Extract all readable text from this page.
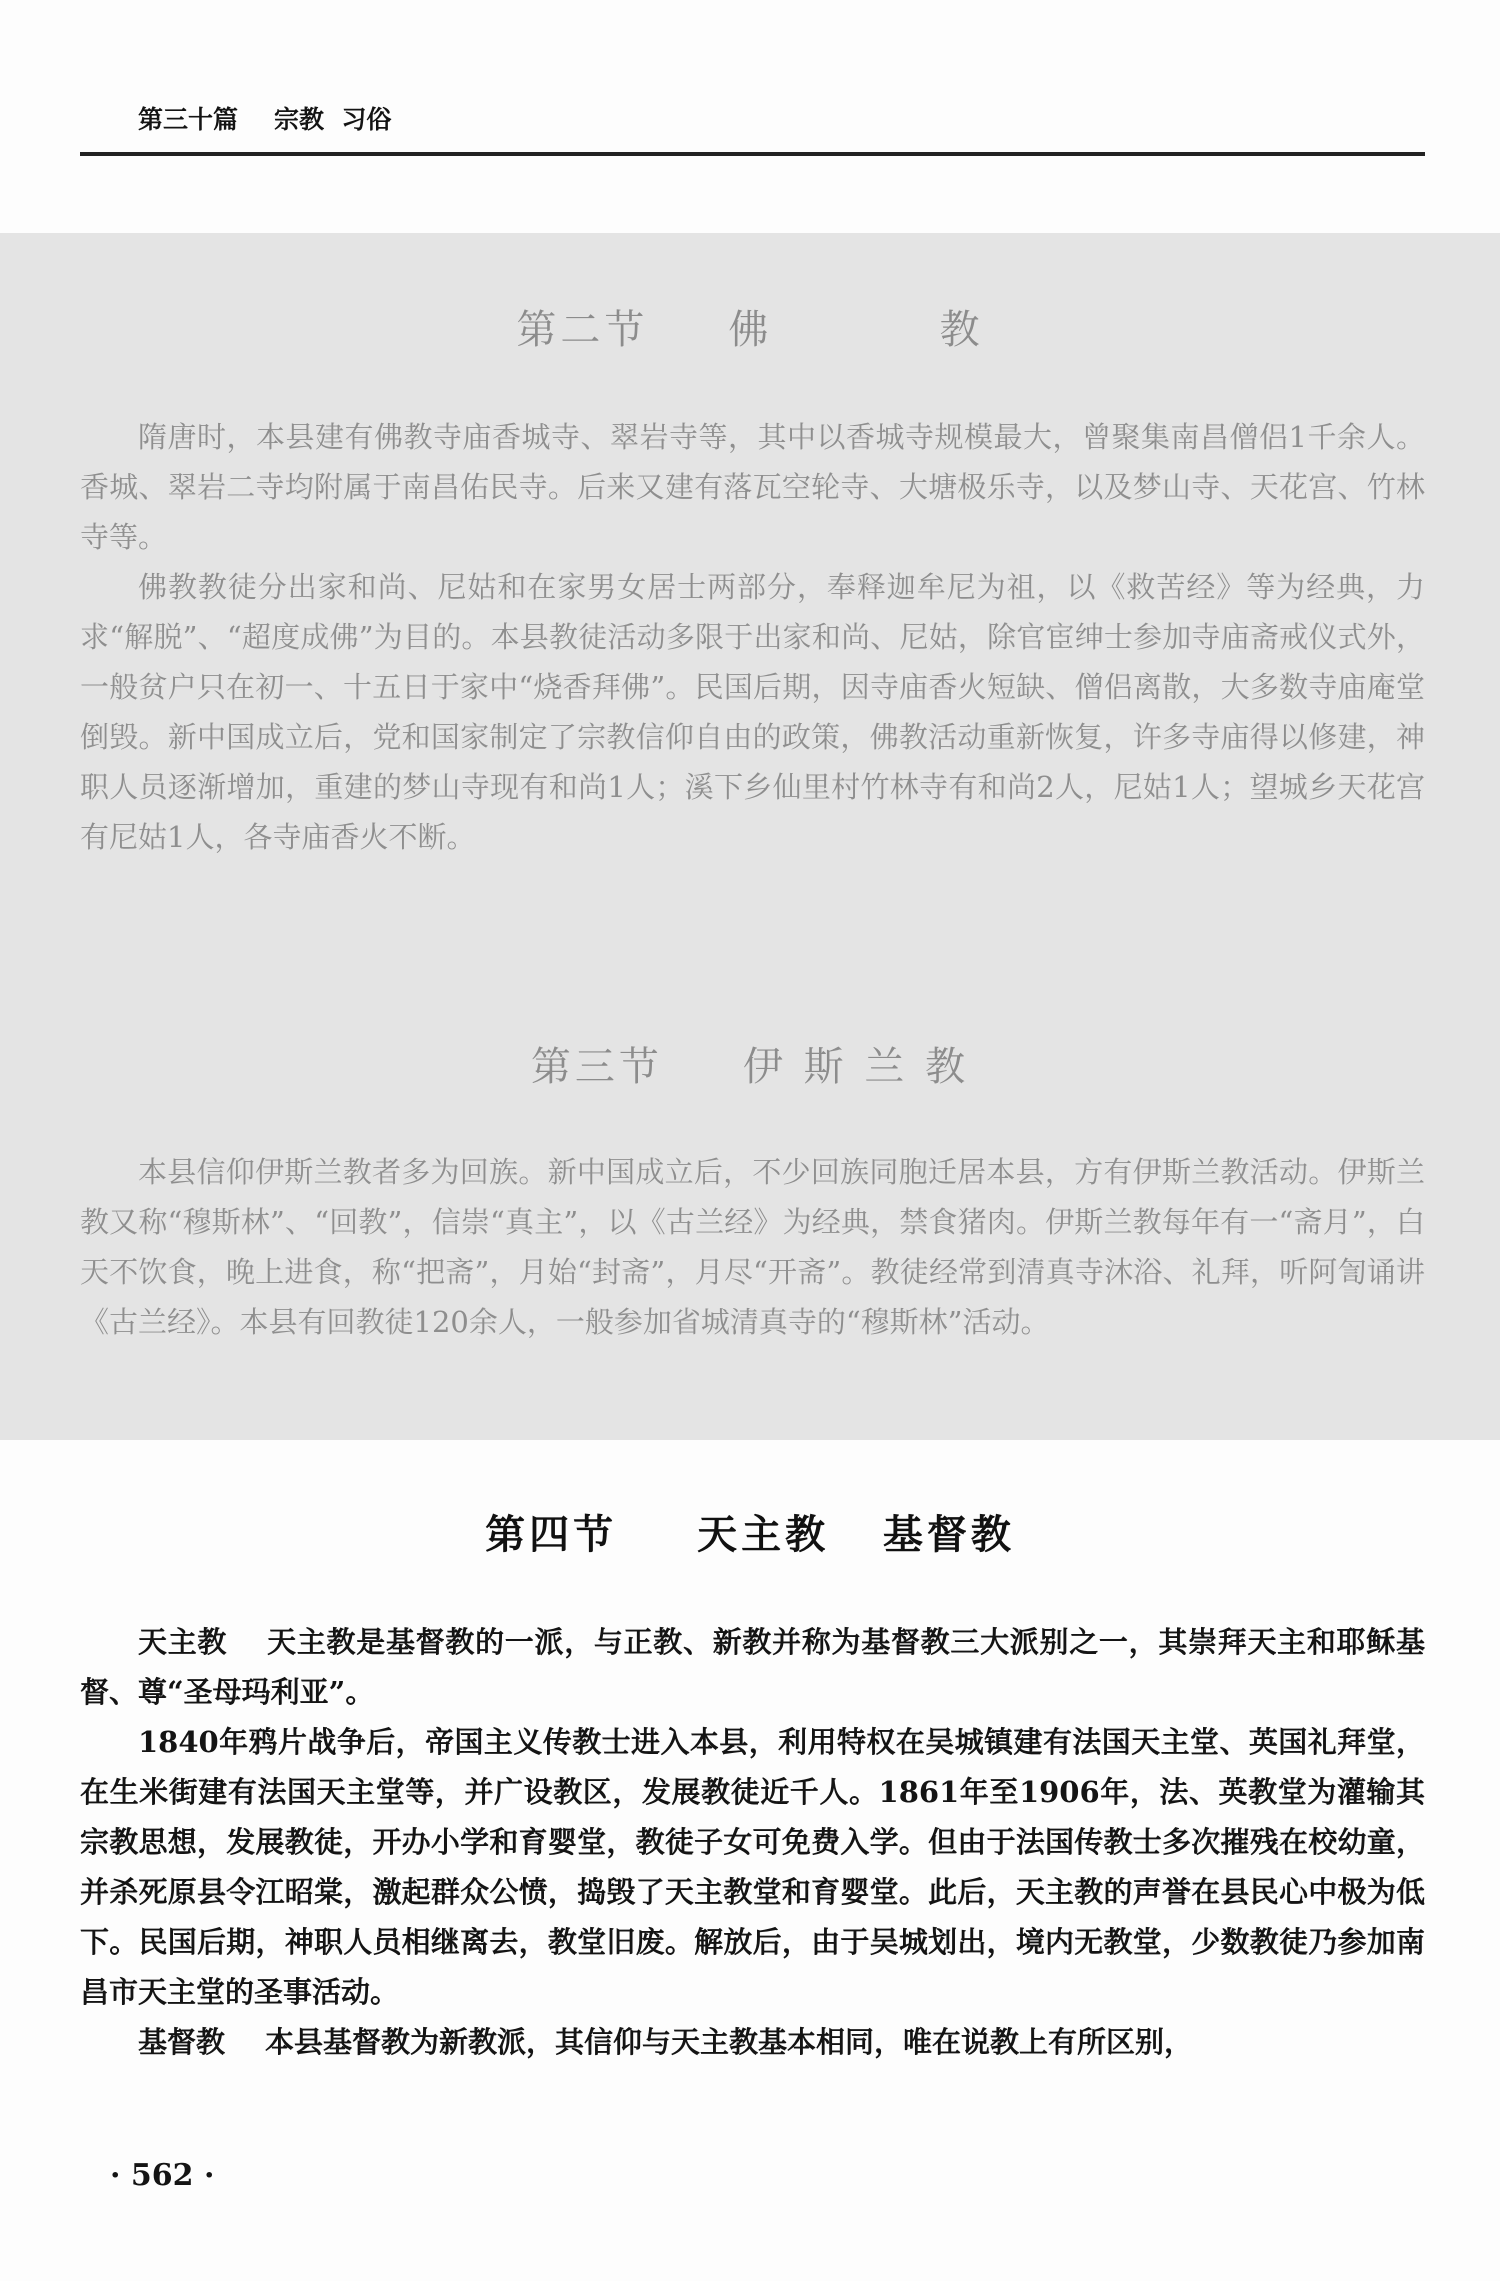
第三十篇 宗教  习俗
第二节 佛          教

隋唐时，本县建有佛教寺庙香城寺、翠岩寺等，其中以香城寺规模最大，曾聚集南昌僧侣1千余人。香城、翠岩二寺均附属于南昌佑民寺。后来又建有落瓦空轮寺、大塘极乐寺，以及梦山寺、天花宫、竹林寺等。

佛教教徒分出家和尚、尼姑和在家男女居士两部分，奉释迦牟尼为祖，以《救苦经》等为经典，力求“解脱”、“超度成佛”为目的。本县教徒活动多限于出家和尚、尼姑，除官宦绅士参加寺庙斋戒仪式外，一般贫户只在初一、十五日于家中“烧香拜佛”。民国后期，因寺庙香火短缺、僧侣离散，大多数寺庙庵堂倒毁。新中国成立后，党和国家制定了宗教信仰自由的政策，佛教活动重新恢复，许多寺庙得以修建，神职人员逐渐增加，重建的梦山寺现有和尚1人；溪下乡仙里村竹林寺有和尚2人，尼姑1人；望城乡天花宫有尼姑1人，各寺庙香火不断。

第三节 伊 斯 兰 教

本县信仰伊斯兰教者多为回族。新中国成立后，不少回族同胞迁居本县，方有伊斯兰教活动。伊斯兰教又称“穆斯林”、“回教”，信崇“真主”，以《古兰经》为经典，禁食猪肉。伊斯兰教每年有一“斋月”，白天不饮食，晚上进食，称“把斋”，月始“封斋”，月尽“开斋”。教徒经常到清真寺沐浴、礼拜，听阿訇诵讲《古兰经》。本县有回教徒120余人，一般参加省城清真寺的“穆斯林”活动。

第四节 天主教   基督教

天主教 天主教是基督教的一派，与正教、新教并称为基督教三大派别之一，其崇拜天主和耶稣基督、尊“圣母玛利亚”。

1840年鸦片战争后，帝国主义传教士进入本县，利用特权在吴城镇建有法国天主堂、英国礼拜堂，在生米街建有法国天主堂等，并广设教区，发展教徒近千人。1861年至1906年，法、英教堂为灌输其宗教思想，发展教徒，开办小学和育婴堂，教徒子女可免费入学。但由于法国传教士多次摧残在校幼童，并杀死原县令江昭棠，激起群众公愤，捣毁了天主教堂和育婴堂。此后，天主教的声誉在县民心中极为低下。民国后期，神职人员相继离去，教堂旧废。解放后，由于吴城划出，境内无教堂，少数教徒乃参加南昌市天主堂的圣事活动。

基督教 本县基督教为新教派，其信仰与天主教基本相同，唯在说教上有所区别，

· 562 ·
